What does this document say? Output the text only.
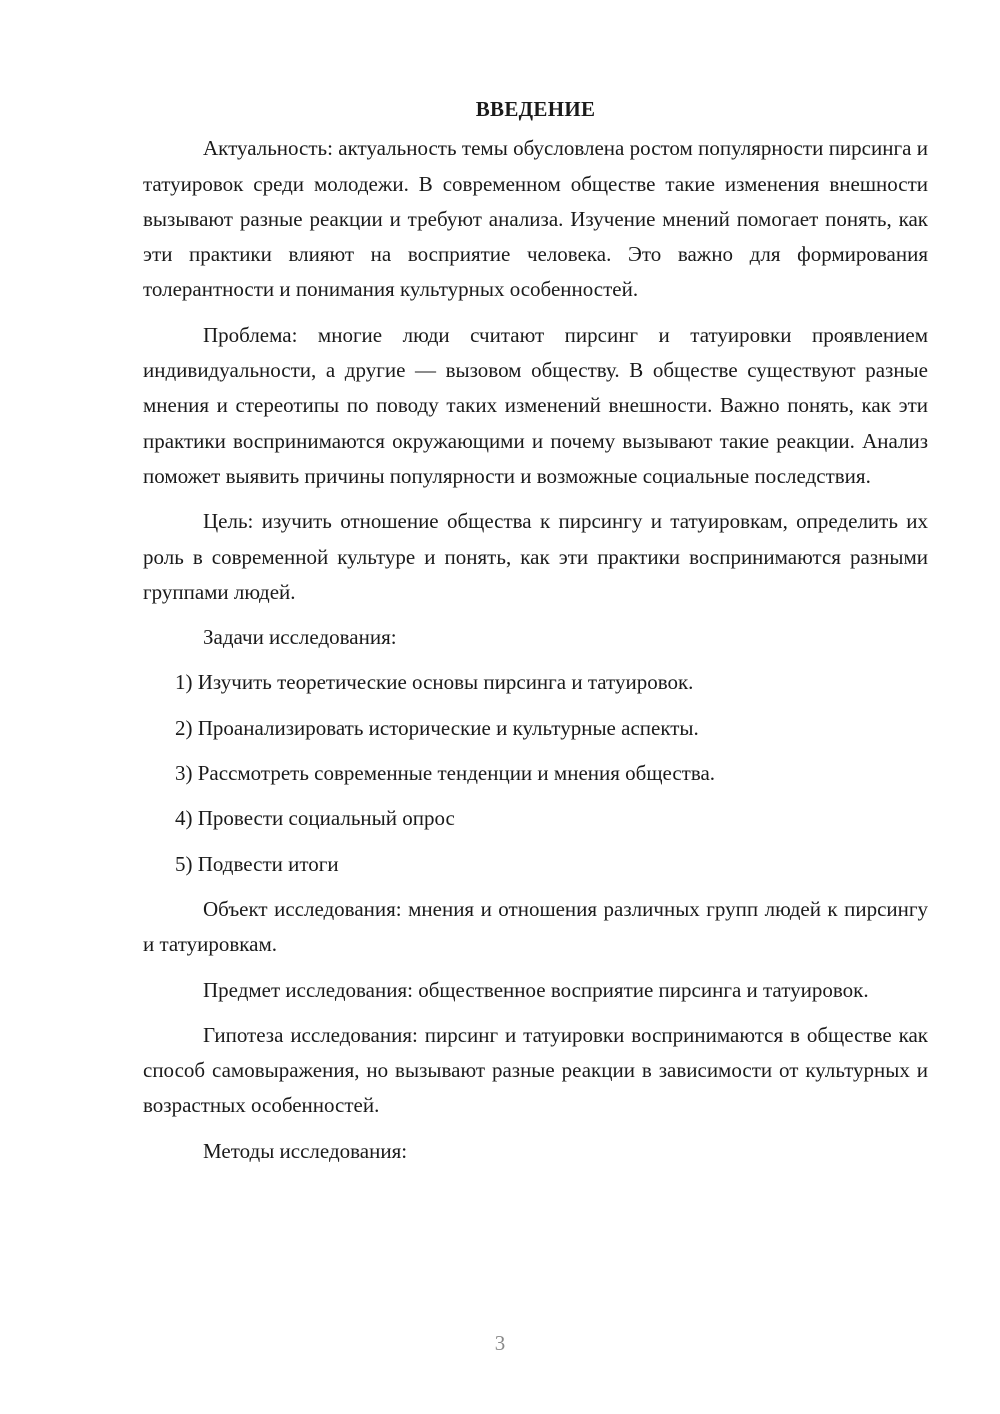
ВВЕДЕНИЕ

Актуальность: актуальность темы обусловлена ростом популярности пирсинга и татуировок среди молодежи. В современном обществе такие изменения внешности вызывают разные реакции и требуют анализа. Изучение мнений помогает понять, как эти практики влияют на восприятие человека. Это важно для формирования толерантности и понимания культурных особенностей.

Проблема: многие люди считают пирсинг и татуировки проявлением индивидуальности, а другие — вызовом обществу. В обществе существуют разные мнения и стереотипы по поводу таких изменений внешности. Важно понять, как эти практики воспринимаются окружающими и почему вызывают такие реакции. Анализ поможет выявить причины популярности и возможные социальные последствия.

Цель: изучить отношение общества к пирсингу и татуировкам, определить их роль в современной культуре и понять, как эти практики воспринимаются разными группами людей.

Задачи исследования:

1) Изучить теоретические основы пирсинга и татуировок.
2) Проанализировать исторические и культурные аспекты.
3) Рассмотреть современные тенденции и мнения общества.
4) Провести социальный опрос
5) Подвести итоги

Объект исследования: мнения и отношения различных групп людей к пирсингу и татуировкам.

Предмет исследования: общественное восприятие пирсинга и татуировок.

Гипотеза исследования: пирсинг и татуировки воспринимаются в обществе как способ самовыражения, но вызывают разные реакции в зависимости от культурных и возрастных особенностей.

Методы исследования:

3
